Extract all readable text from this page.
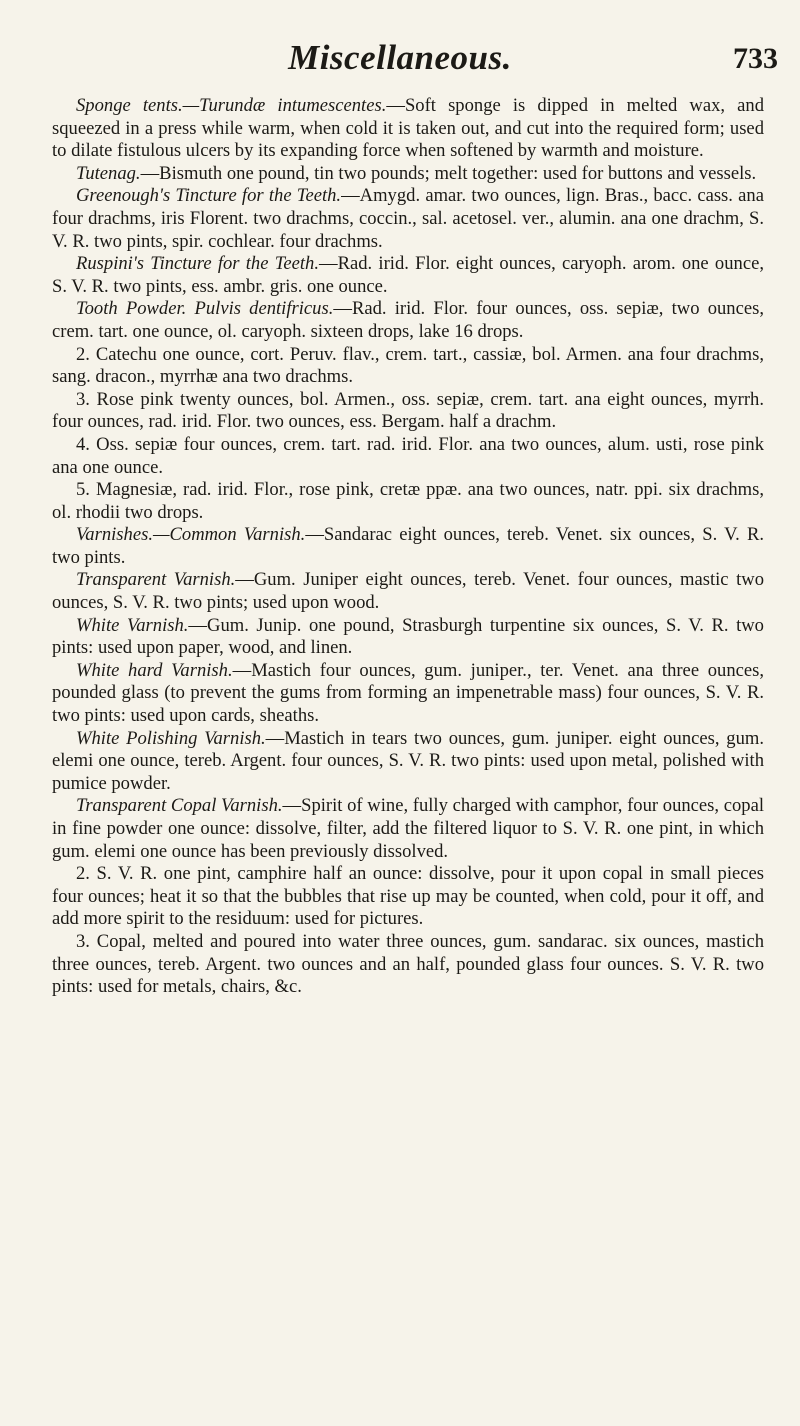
Miscellaneous.	733

Sponge tents.—Turundæ intumescentes.—Soft sponge is dipped in melted wax, and squeezed in a press while warm, when cold it is taken out, and cut into the required form; used to dilate fistulous ulcers by its expanding force when softened by warmth and moisture.

Tutenag.—Bismuth one pound, tin two pounds; melt together: used for buttons and vessels.

Greenough's Tincture for the Teeth.—Amygd. amar. two ounces, lign. Bras., bacc. cass. ana four drachms, iris Florent. two drachms, coccin., sal. acetosel. ver., alumin. ana one drachm, S. V. R. two pints, spir. cochlear. four drachms.

Ruspini's Tincture for the Teeth.—Rad. irid. Flor. eight ounces, caryoph. arom. one ounce, S. V. R. two pints, ess. ambr. gris. one ounce.

Tooth Powder. Pulvis dentifricus.—Rad. irid. Flor. four ounces, oss. sepiæ, two ounces, crem. tart. one ounce, ol. caryoph. sixteen drops, lake 16 drops.

2. Catechu one ounce, cort. Peruv. flav., crem. tart., cassiæ, bol. Armen. ana four drachms, sang. dracon., myrrhæ ana two drachms.

3. Rose pink twenty ounces, bol. Armen., oss. sepiæ, crem. tart. ana eight ounces, myrrh. four ounces, rad. irid. Flor. two ounces, ess. Bergam. half a drachm.

4. Oss. sepiæ four ounces, crem. tart. rad. irid. Flor. ana two ounces, alum. usti, rose pink ana one ounce.

5. Magnesiæ, rad. irid. Flor., rose pink, cretæ ppæ. ana two ounces, natr. ppi. six drachms, ol. rhodii two drops.

Varnishes.—Common Varnish.—Sandarac eight ounces, tereb. Venet. six ounces, S. V. R. two pints.

Transparent Varnish.—Gum. Juniper eight ounces, tereb. Venet. four ounces, mastic two ounces, S. V. R. two pints; used upon wood.

White Varnish.—Gum. Junip. one pound, Strasburgh turpentine six ounces, S. V. R. two pints: used upon paper, wood, and linen.

White hard Varnish.—Mastich four ounces, gum. juniper., ter. Venet. ana three ounces, pounded glass (to prevent the gums from forming an impenetrable mass) four ounces, S. V. R. two pints: used upon cards, sheaths.

White Polishing Varnish.—Mastich in tears two ounces, gum. juniper. eight ounces, gum. elemi one ounce, tereb. Argent. four ounces, S. V. R. two pints: used upon metal, polished with pumice powder.

Transparent Copal Varnish.—Spirit of wine, fully charged with camphor, four ounces, copal in fine powder one ounce: dissolve, filter, add the filtered liquor to S. V. R. one pint, in which gum. elemi one ounce has been previously dissolved.

2. S. V. R. one pint, camphire half an ounce: dissolve, pour it upon copal in small pieces four ounces; heat it so that the bubbles that rise up may be counted, when cold, pour it off, and add more spirit to the residuum: used for pictures.

3. Copal, melted and poured into water three ounces, gum. sandarac. six ounces, mastich three ounces, tereb. Argent. two ounces and an half, pounded glass four ounces. S. V. R. two pints: used for metals, chairs, &c.
